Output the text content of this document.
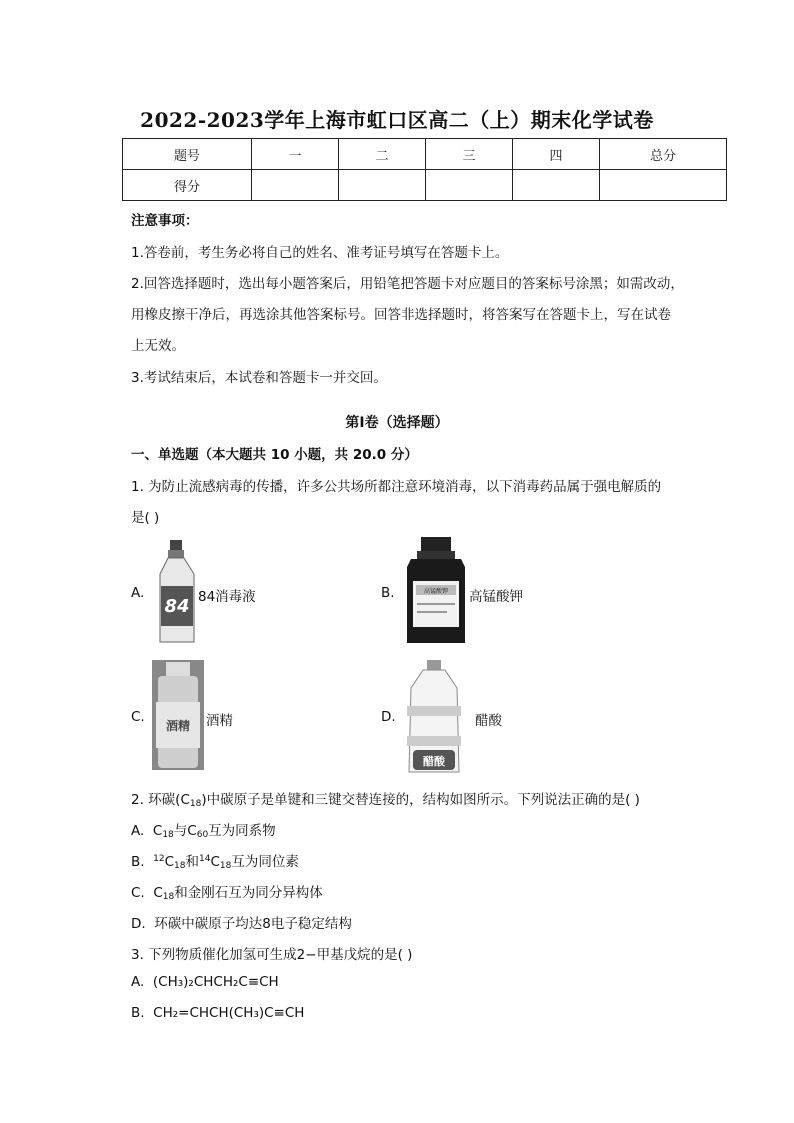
2022-2023学年上海市虹口区高二（上）期末化学试卷
题号	一	二	三	四	总分
得分					
注意事项：
1.答卷前，考生务必将自己的姓名、准考证号填写在答题卡上。
2.回答选择题时，选出每小题答案后，用铅笔把答题卡对应题目的答案标号涂黑；如需改动，
用橡皮擦干净后，再选涂其他答案标号。回答非选择题时，将答案写在答题卡上，写在试卷
上无效。
3.考试结束后，本试卷和答题卡一并交回。
第I卷（选择题）
一、单选题（本大题共 10 小题，共 20.0 分）
1. 为防止流感病毒的传播，许多公共场所都注意环境消毒，以下消毒药品属于强电解质的
是( )
A.
84 84消毒液	B.	高锰酸钾 高锰酸钾
C.
酒精 酒精	D.
醋酸
醋酸
2. 环碳$(C_{18})$中碳原子是单键和三键交替连接的，结构如图所示。下列说法正确的是( )
A. $C_{18}$与$C_{60}$互为同系物
B. $^{12}C_{18}$和$^{14}C_{18}$互为同位素
C. $C_{18}$和金刚石互为同分异构体
D. 环碳中碳原子均达8电子稳定结构
3. 下列物质催化加氢可生成2−甲基戊烷的是( )
A. (CH₃)₂CHCH₂C≡CH
B. CH₂=CHCH(CH₃)C≡CH
